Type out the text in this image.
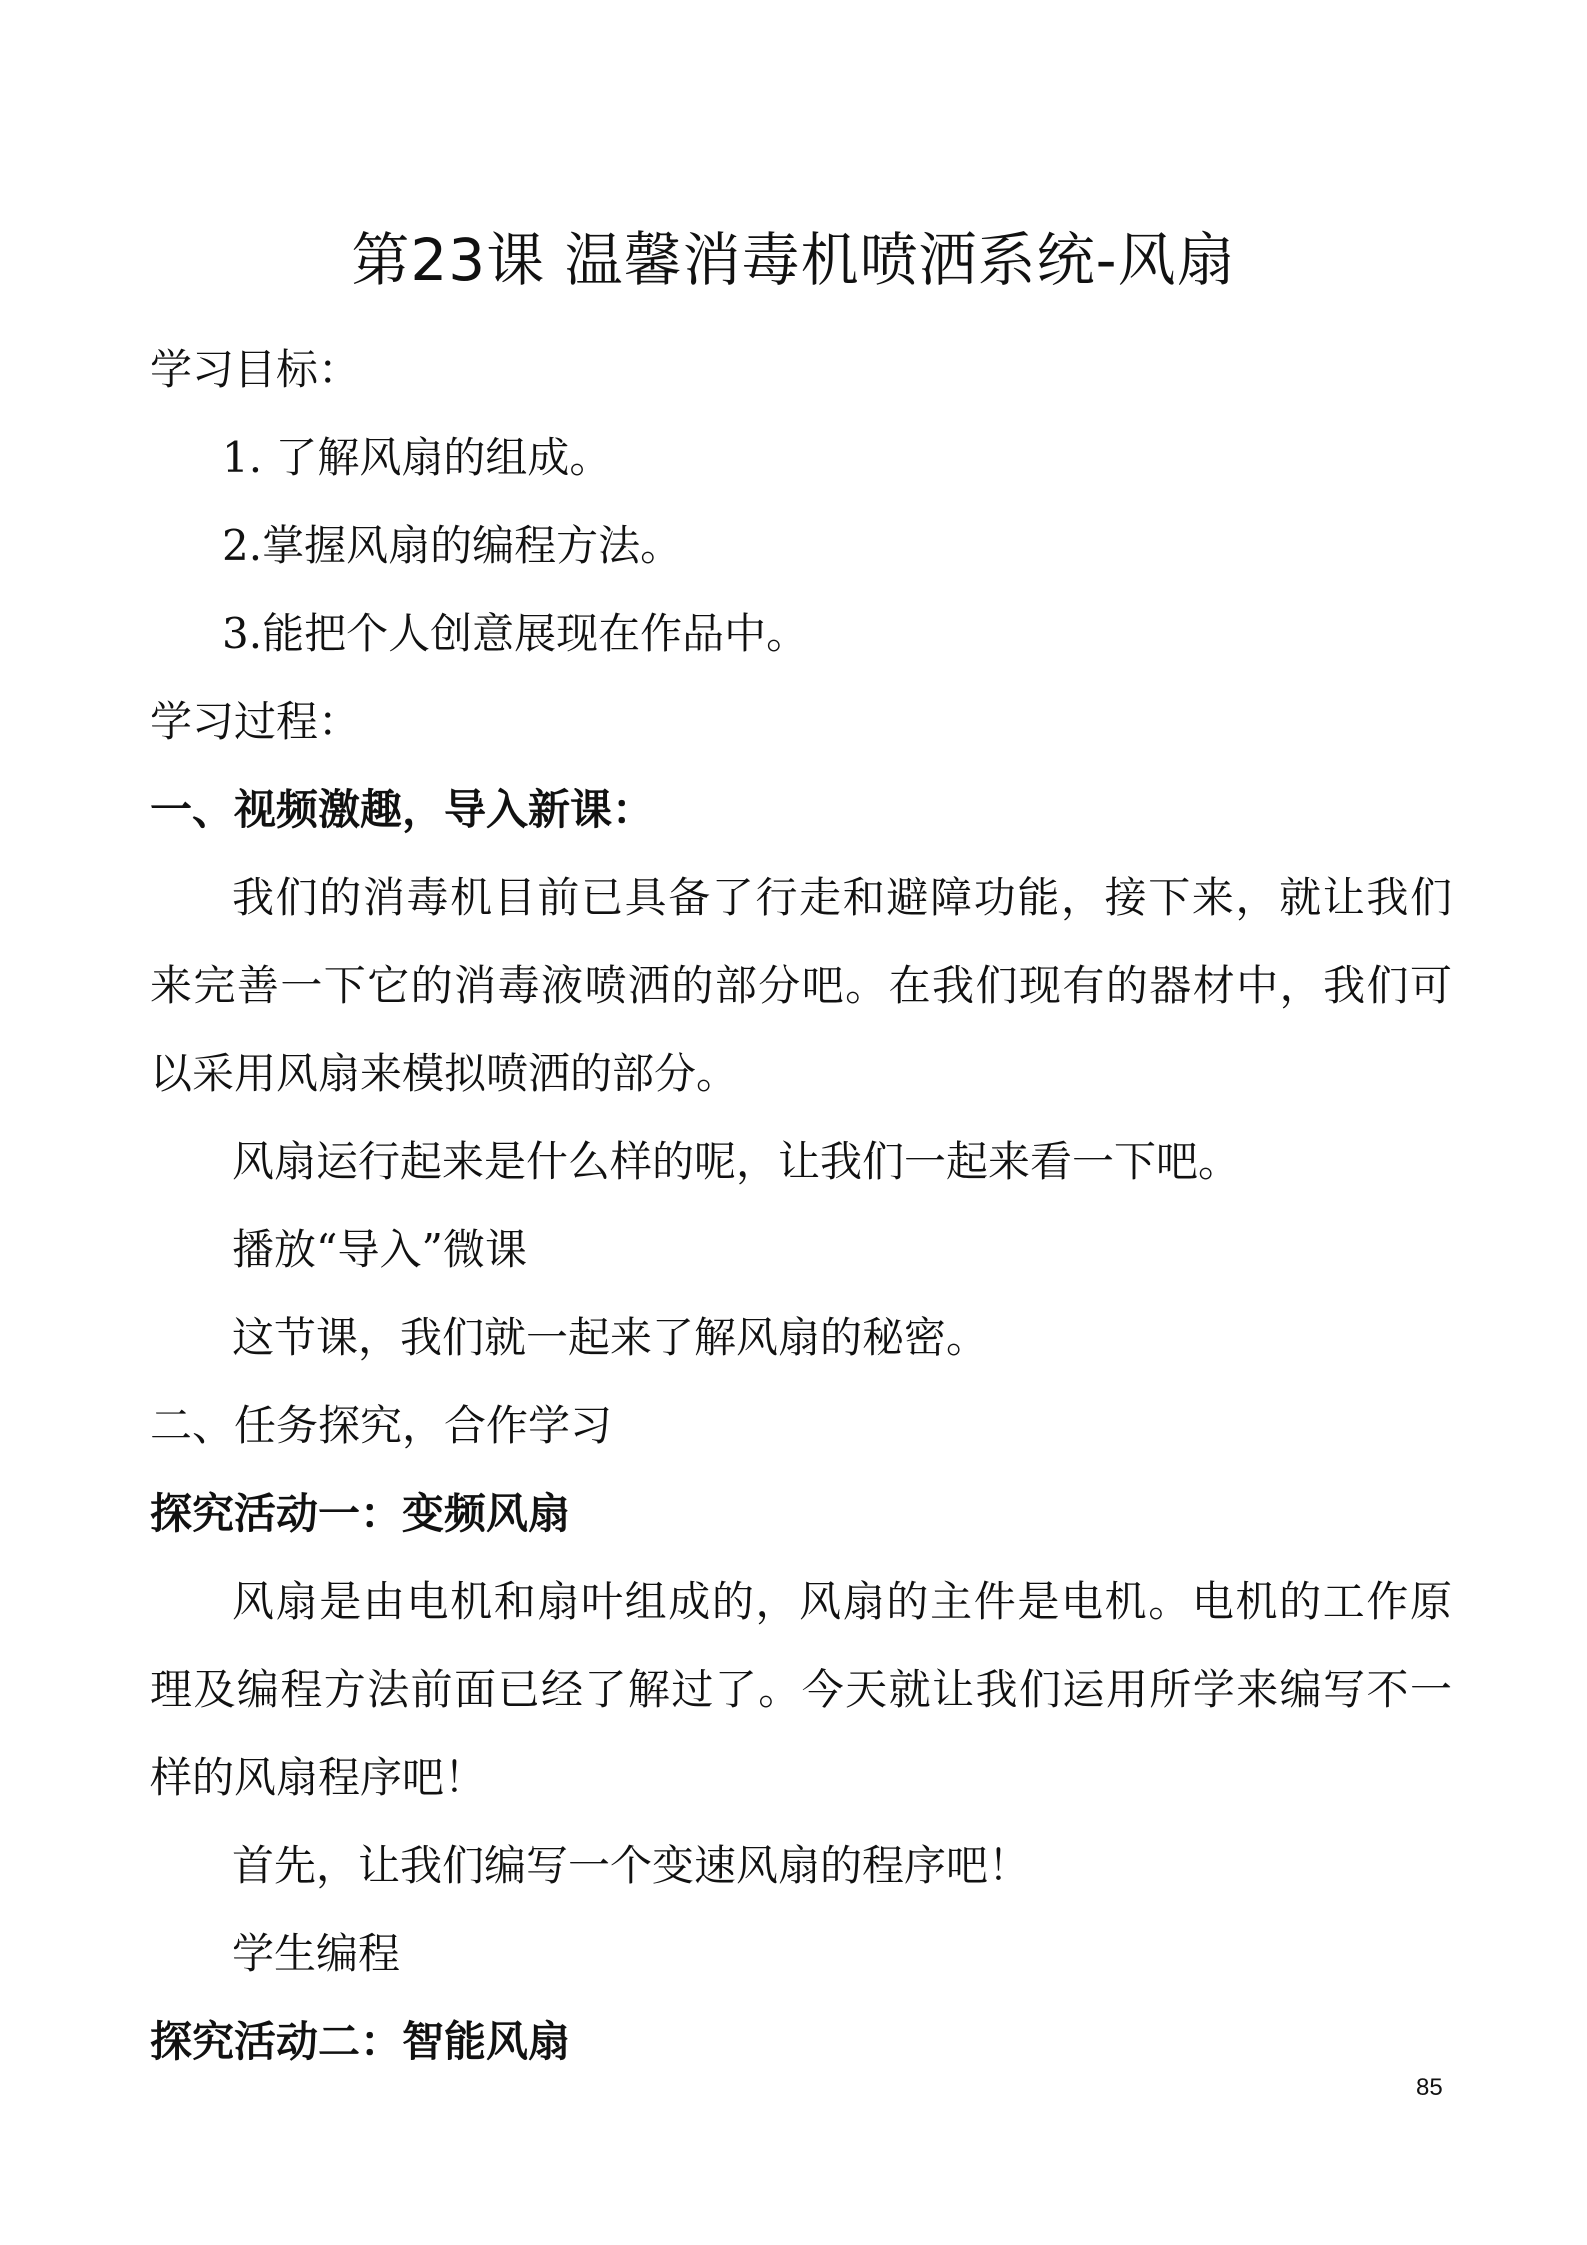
第23课 温馨消毒机喷洒系统-风扇

学习目标：

1. 了解风扇的组成。

2.掌握风扇的编程方法。

3.能把个人创意展现在作品中。

学习过程：

一、视频激趣，导入新课：

我们的消毒机目前已具备了行走和避障功能，接下来，就让我们

来完善一下它的消毒液喷洒的部分吧。在我们现有的器材中，我们可

以采用风扇来模拟喷洒的部分。

风扇运行起来是什么样的呢，让我们一起来看一下吧。

播放“导入”微课

这节课，我们就一起来了解风扇的秘密。

二、任务探究，合作学习

探究活动一：变频风扇

风扇是由电机和扇叶组成的，风扇的主件是电机。电机的工作原

理及编程方法前面已经了解过了。今天就让我们运用所学来编写不一

样的风扇程序吧！

首先，让我们编写一个变速风扇的程序吧！

学生编程

探究活动二：智能风扇

85
